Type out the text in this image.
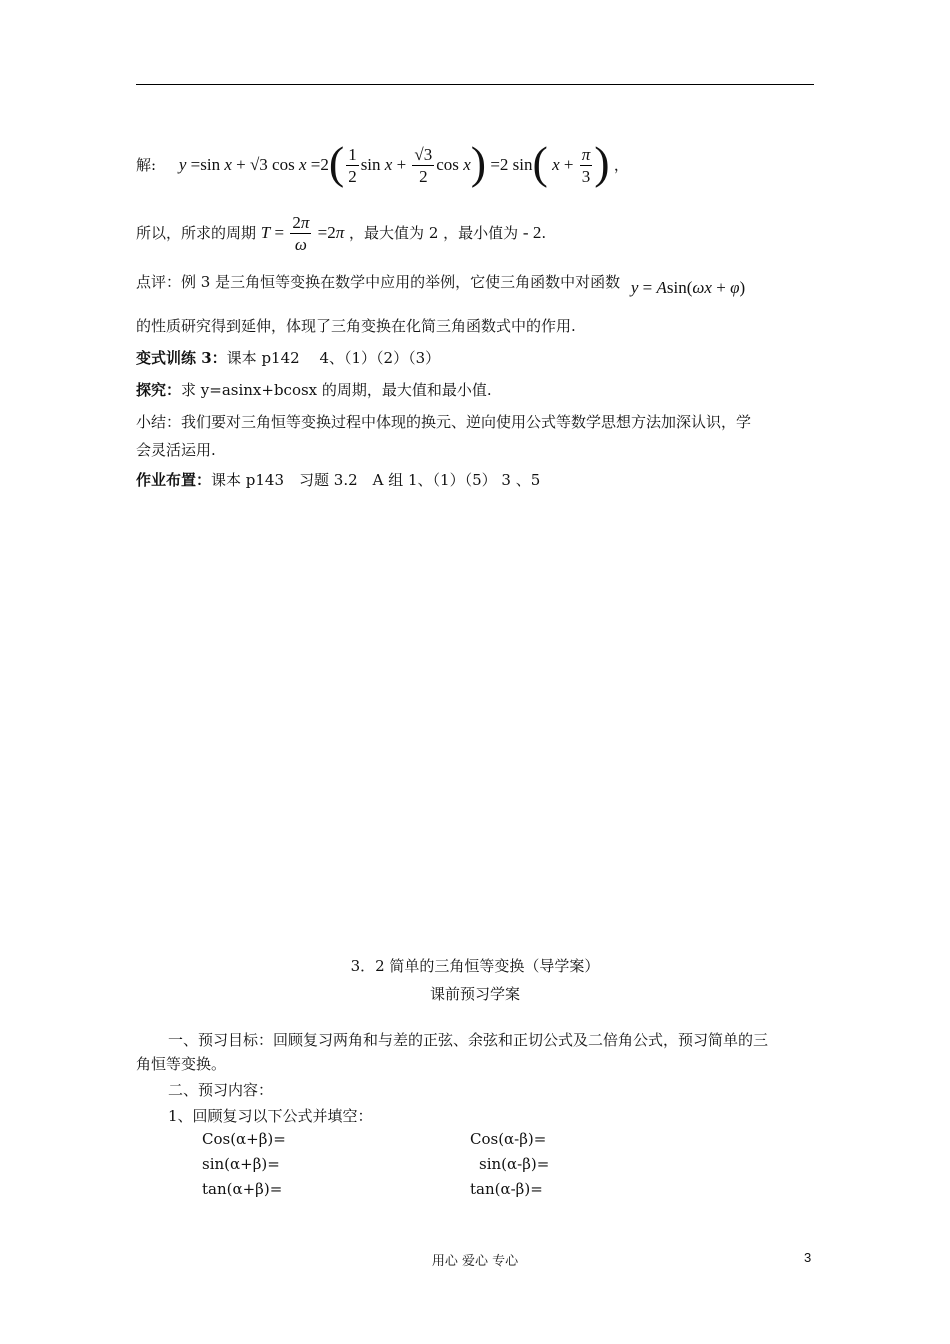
解: y =sin x + √3 $\cos x =2( \frac{1}{2}$ $\sin x + \frac{√3}{2}$ cos x) =2 sin( $x + \frac{\pi}{3}$ ) ，
所以，所求的周期 $T = \frac{2\pi}{\omega} =2\pi$ ，最大值为 2 ，最小值为 - 2.
点评：例 3 是三角恒等变换在数学中应用的举例，它使三角函数中对函数 y = Asin(ωx + φ)
的性质研究得到延伸，体现了三角变换在化简三角函数式中的作用.
变式训练 3：课本 p142　 4、（1）（2）（3）
探究：求 y=asinx+bcosx 的周期，最大值和最小值.
小结：我们要对三角恒等变换过程中体现的换元、逆向使用公式等数学思想方法加深认识，学
会灵活运用.
作业布置：课本 p143　习题 3.2　A 组 1、（1）（5） 3 、5
3．2 简单的三角恒等变换（导学案）
课前预习学案
一、预习目标：回顾复习两角和与差的正弦、余弦和正切公式及二倍角公式，预习简单的三
角恒等变换。
二、预习内容：
1、回顾复习以下公式并填空：
Cos(α+β)=	Cos(α-β)=
sin(α+β)=	sin(α-β)=
tan(α+β)=	tan(α-β)=
用心 爱心 专心	3
